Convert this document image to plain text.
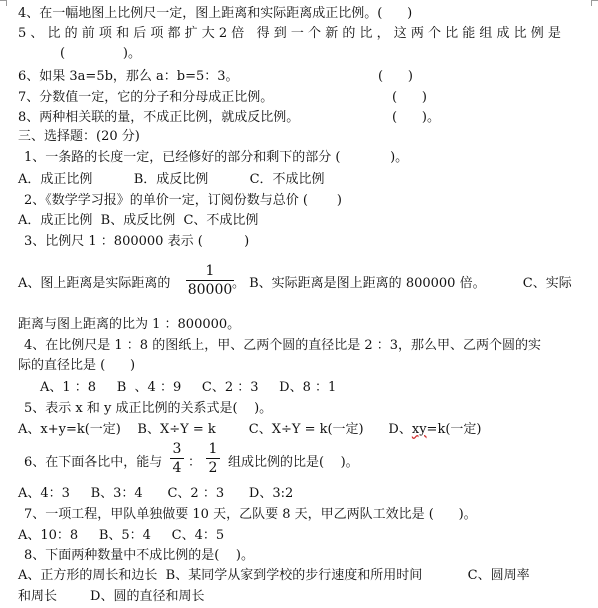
4、在一幅地图上比例尺一定，图上距离和实际距离成正比例。(      )
5 、 比 的 前 项 和 后 项 都 扩 大 2 倍   得 到 一 个 新 的 比 ， 这 两 个 比 能 组 成 比 例 是
(              )。
6、如果 3a=5b，那么 a：b=5：3。	(      )
7、分数值一定，它的分子和分母成正比例。	(      )
8、两种相关联的量，不成正比例，就成反比例。	(      )。
三、选择题：(20 分)
1、一条路的长度一定，已经修好的部分和剩下的部分 (            )。
A．成正比例          B．成反比例          C．不成比例
2、《数学学习报》的单价一定，订阅份数与总价 (       )
A．成正比例  B、成反比例  C、不成比例
3、比例尺 1 ：800000 表示 (          )
A、图上距离是实际距离的
1
80000 。 B、实际距离是图上距离的 800000 倍。         C、实际
距离与图上距离的比为 1 ：800000。
4、在比例尺是 1 ：8 的图纸上，甲、乙两个圆的直径比是 2 ：3，那么甲、乙两个圆的实
际的直径比是 (      )
A、1 ：8     B  、4 ：9     C、2 ：3     D、8 ：1
5、表示 x 和 y 成正比例的关系式是(    )。
A、x+y=k(一定)    B、X÷Y = k        C、X÷Y = k(一定)      D、xy=k(一定)
6、在下面各比中，能与
3
4 ：
1
2 组成比例的比是(    )。
A、4：3     B、3：4      C、2 ：3      D、3:2
7、一项工程，甲队单独做要 10 天，乙队要 8 天，甲乙两队工效比是 (      )。
A、10：8     B、5：4     C、4：5
8、下面两种数量中不成比例的是(    )。
A、正方形的周长和边长  B、某同学从家到学校的步行速度和所用时间           C、圆周率
和周长        D、圆的直径和周长
